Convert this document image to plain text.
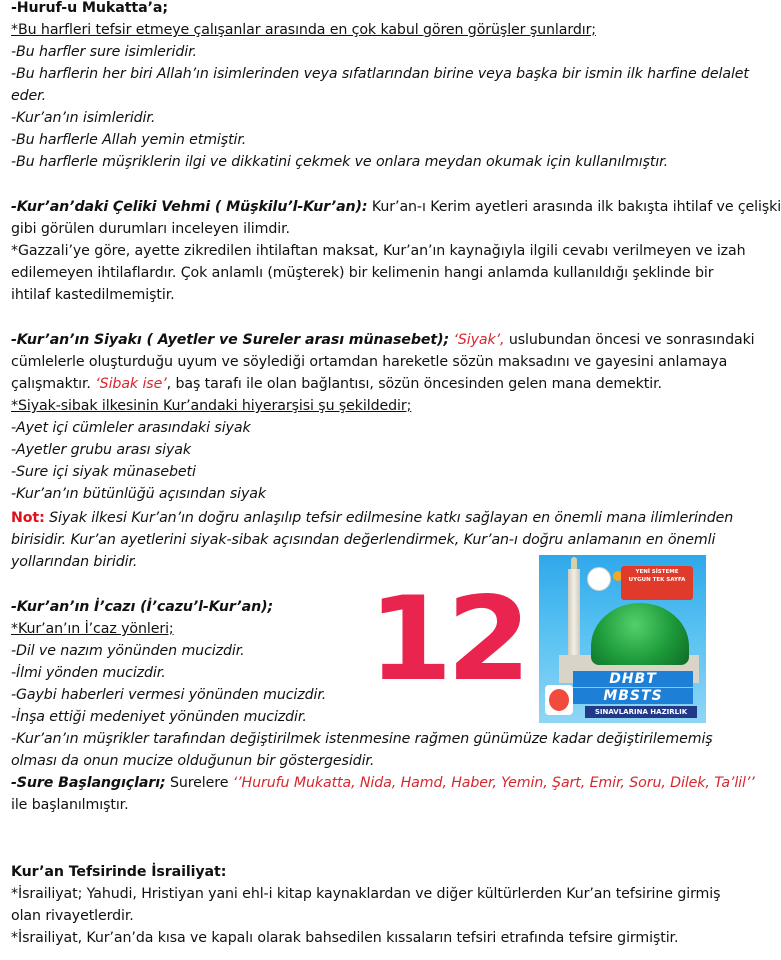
-Huruf-u Mukatta’a;
*Bu harfleri tefsir etmeye çalışanlar arasında en çok kabul gören görüşler şunlardır;
-Bu harfler sure isimleridir.
-Bu harflerin her biri Allah’ın isimlerinden veya sıfatlarından birine veya başka bir ismin ilk harfine delalet
eder.
-Kur’an’ın isimleridir.
-Bu harflerle Allah yemin etmiştir.
-Bu harflerle müşriklerin ilgi ve dikkatini çekmek ve onlara meydan okumak için kullanılmıştır.
-Kur’an’daki Çeliki Vehmi ( Müşkilu’l-Kur’an): Kur’an-ı Kerim ayetleri arasında ilk bakışta ihtilaf ve çelişki
gibi görülen durumları inceleyen ilimdir.
*Gazzali’ye göre, ayette zikredilen ihtilaftan maksat, Kur’an’ın kaynağıyla ilgili cevabı verilmeyen ve izah
edilemeyen ihtilaflardır. Çok anlamlı (müşterek) bir kelimenin hangi anlamda kullanıldığı şeklinde bir
ihtilaf kastedilmemiştir.
-Kur’an’ın Siyakı ( Ayetler ve Sureler arası münasebet); ‘Siyak’, uslubundan öncesi ve sonrasındaki
cümlelerle oluşturduğu uyum ve söylediği ortamdan hareketle sözün maksadını ve gayesini anlamaya
çalışmaktır. ‘Sibak ise’, baş tarafı ile olan bağlantısı, sözün öncesinden gelen mana demektir.
*Siyak-sibak ilkesinin Kur’andaki hiyerarşisi şu şekildedir;
-Ayet içi cümleler arasındaki siyak
-Ayetler grubu arası siyak
-Sure içi siyak münasebeti
-Kur’an’ın bütünlüğü açısından siyak
Not: Siyak ilkesi Kur’an’ın doğru anlaşılıp tefsir edilmesine katkı sağlayan en önemli mana ilimlerinden
birisidir. Kur’an ayetlerini siyak-sibak açısından değerlendirmek, Kur’an-ı doğru anlamanın en önemli
yollarından biridir.
-Kur’an’ın İ’cazı (İ’cazu’l-Kur’an);
*Kur’an’ın İ’caz yönleri;
-Dil ve nazım yönünden mucizdir.
-İlmi yönden mucizdir.
-Gaybi haberleri vermesi yönünden mucizdir.
-İnşa ettiği medeniyet yönünden mucizdir.
-Kur’an’ın müşrikler tarafından değiştirilmek istenmesine rağmen günümüze kadar değiştirilememiş
olması da onun mucize olduğunun bir göstergesidir.
-Sure Başlangıçları; Surelere ‘’Hurufu Mukatta, Nida, Hamd, Haber, Yemin, Şart, Emir, Soru, Dilek, Ta’lil’’
ile başlanılmıştır.
Kur’an Tefsirinde İsrailiyat:
*İsrailiyat; Yahudi, Hristiyan yani ehl-i kitap kaynaklardan ve diğer kültürlerden Kur’an tefsirine girmiş
olan rivayetlerdir.
*İsrailiyat, Kur’an’da kısa ve kapalı olarak bahsedilen kıssaların tefsiri etrafında tefsire girmiştir.
12	YENİ SİSTEME
UYGUN TEK SAYFA
DHBT
MBSTS
SINAVLARINA HAZIRLIK
